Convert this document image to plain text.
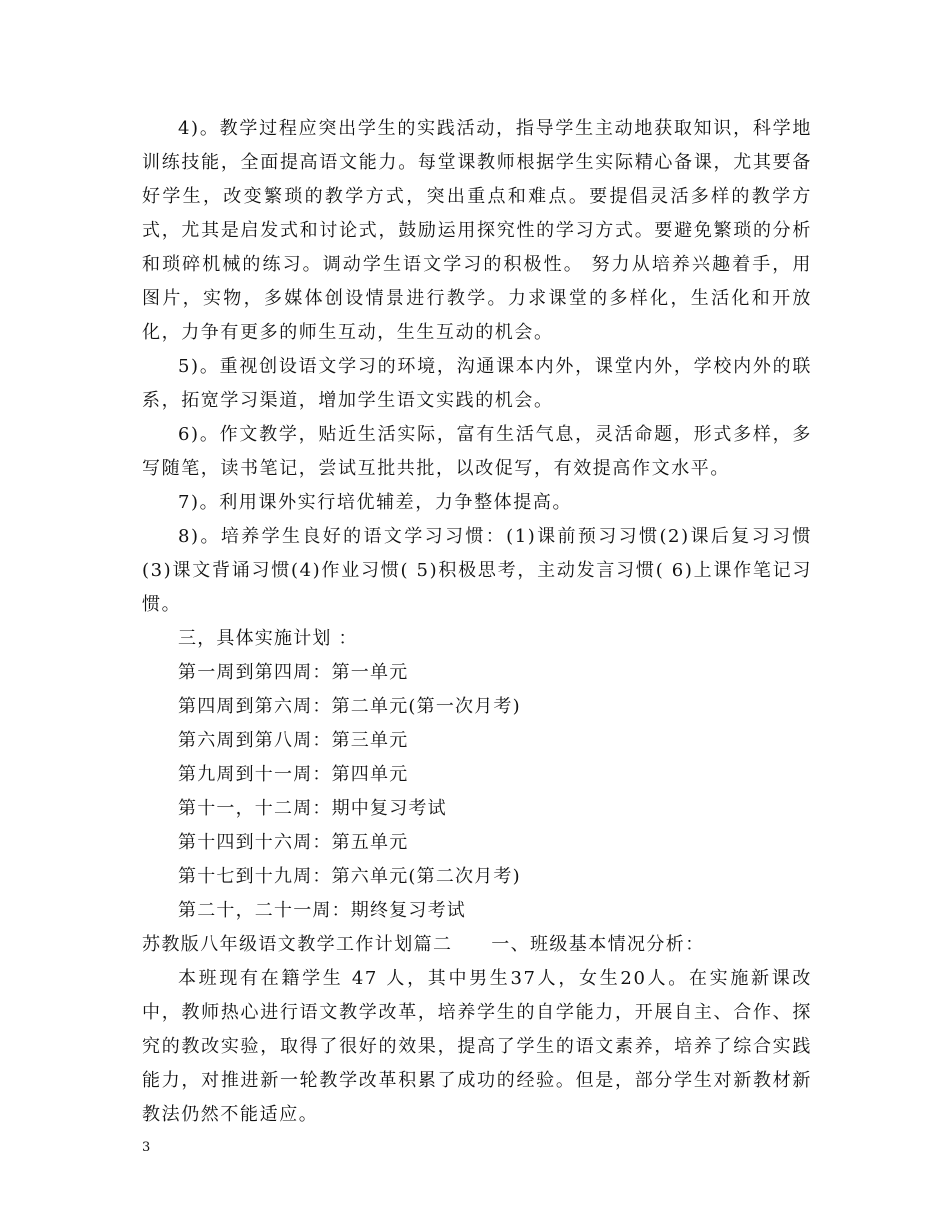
4)。教学过程应突出学生的实践活动，指导学生主动地获取知识，科学地训练技能，全面提高语文能力。每堂课教师根据学生实际精心备课，尤其要备好学生，改变繁琐的教学方式，突出重点和难点。要提倡灵活多样的教学方式，尤其是启发式和讨论式，鼓励运用探究性的学习方式。要避免繁琐的分析和琐碎机械的练习。调动学生语文学习的积极性。 努力从培养兴趣着手，用图片，实物，多媒体创设情景进行教学。力求课堂的多样化，生活化和开放化，力争有更多的师生互动，生生互动的机会。

5)。重视创设语文学习的环境，沟通课本内外，课堂内外，学校内外的联系，拓宽学习渠道，增加学生语文实践的机会。

6)。作文教学，贴近生活实际，富有生活气息，灵活命题，形式多样，多写随笔，读书笔记，尝试互批共批，以改促写，有效提高作文水平。

7)。利用课外实行培优辅差，力争整体提高。

8)。培养学生良好的语文学习习惯：(1)课前预习习惯(2)课后复习习惯(3)课文背诵习惯(4)作业习惯( 5)积极思考，主动发言习惯( 6)上课作笔记习惯。

三，具体实施计划 ：

第一周到第四周：第一单元

第四周到第六周：第二单元(第一次月考)

第六周到第八周：第三单元

第九周到十一周：第四单元

第十一，十二周：期中复习考试

第十四到十六周：第五单元

第十七到十九周：第六单元(第二次月考)

第二十，二十一周：期终复习考试

苏教版八年级语文教学工作计划篇二　　一、班级基本情况分析：

本班现有在籍学生 47 人，其中男生37人，女生20人。在实施新课改中，教师热心进行语文教学改革，培养学生的自学能力，开展自主、合作、探究的教改实验，取得了很好的效果，提高了学生的语文素养，培养了综合实践能力，对推进新一轮教学改革积累了成功的经验。但是，部分学生对新教材新教法仍然不能适应。

3
